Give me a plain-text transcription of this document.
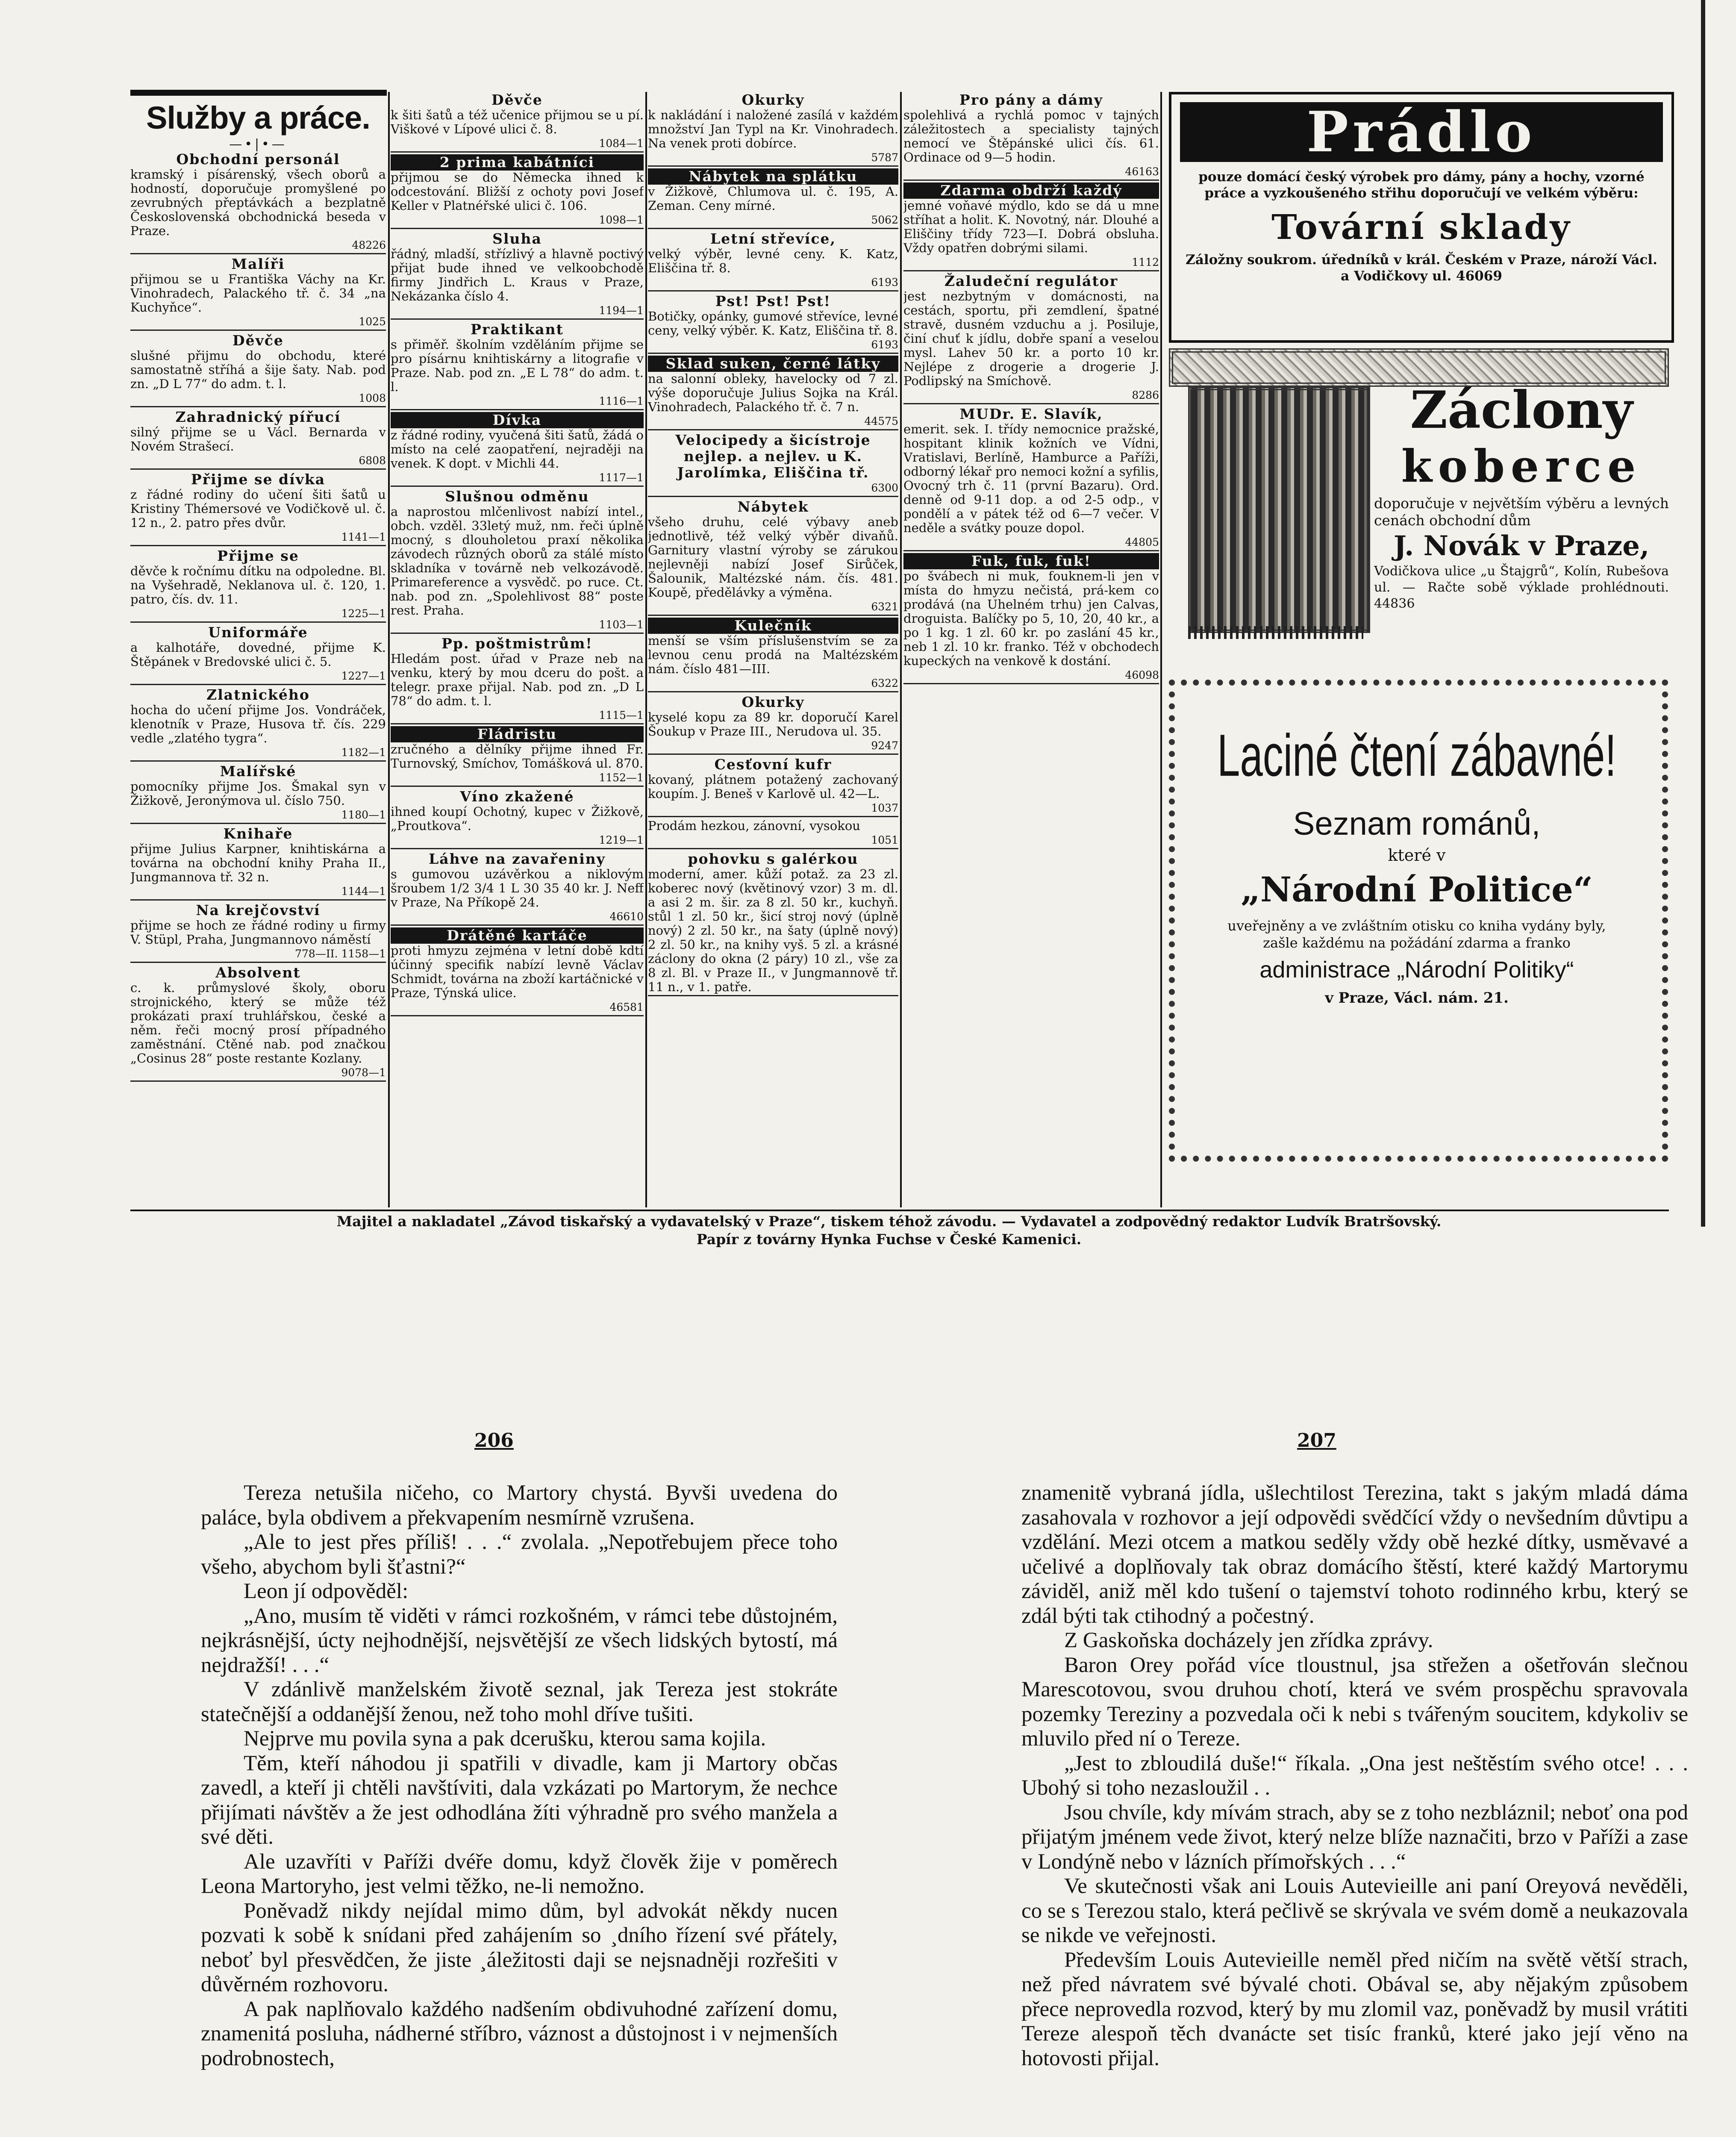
Služby a práce.
—•|•—
Obchodní personál
kramský i písárenský, všech oborů a hodností, doporučuje promyšlené po zevrubných přeptávkách a bezplatně Československá obchodnická beseda v Praze.
48226
Malíři
přijmou se u Františka Váchy na Kr. Vinohradech, Palackého tř. č. 34 „na Kuchyňce“.
1025
Děvče
slušné přijmu do obchodu, které samostatně stříhá a šije šaty. Nab. pod zn. „D L 77“ do adm. t. l.
1008
Zahradnický pířucí
silný přijme se u Václ. Bernarda v Novém Strašecí.
6808
Přijme se dívka
z řádné rodiny do učení šiti šatů u Kristiny Thémersové ve Vodičkově ul. č. 12 n., 2. patro přes dvůr.
1141—1
Přijme se
děvče k ročnímu dítku na odpoledne. Bl. na Vyšehradě, Neklanova ul. č. 120, 1. patro, čís. dv. 11.
1225—1
Uniformáře
a kalhotáře, dovedné, přijme K. Štěpánek v Bredovské ulici č. 5.
1227—1
Zlatnického
hocha do učení přijme Jos. Vondráček, klenotník v Praze, Husova tř. čís. 229 vedle „zlatého tygra“.
1182—1
Malířské
pomocníky přijme Jos. Šmakal syn v Žižkově, Jeronýmova ul. číslo 750.
1180—1
Knihaře
přijme Julius Karpner, knihtiskárna a továrna na obchodní knihy Praha II., Jungmannova tř. 32 n.
1144—1
Na krejčovství
přijme se hoch ze řádné rodiny u firmy V. Stüpl, Praha, Jungmannovo náměstí
778—II. 1158—1
Absolvent
c. k. průmyslové školy, oboru strojnického, který se může též prokázati praxí truhlářskou, české a něm. řeči mocný prosí případného zaměstnání. Ctěné nab. pod značkou „Cosinus 28“ poste restante Kozlany.
9078—1
Děvče
k šiti šatů a též učenice přijmou se u pí. Viškové v Lípové ulici č. 8.
1084—1
2 prima kabátníci
přijmou se do Německa ihned k odcestování. Bližší z ochoty povi Josef Keller v Platnéřské ulici č. 106.
1098—1
Sluha
řádný, mladší, střízlivý a hlavně poctivý přijat bude ihned ve velkoobchodě firmy Jindřich L. Kraus v Praze, Nekázanka číslo 4.
1194—1
Praktikant
s přiměř. školním vzděláním přijme se pro písárnu knihtiskárny a litografie v Praze. Nab. pod zn. „E L 78“ do adm. t. l.
1116—1
Dívka
z řádné rodiny, vyučená šiti šatů, žádá o místo na celé zaopatření, nejraději na venek. K dopt. v Michli 44.
1117—1
Slušnou odměnu
a naprostou mlčenlivost nabízí intel., obch. vzděl. 33letý muž, nm. řeči úplně mocný, s dlouholetou praxí několika závodech různých oborů za stálé místo skladníka v továrně neb velkozávodě. Primareference a vysvědč. po ruce. Ct. nab. pod zn. „Spolehlivost 88“ poste rest. Praha.
1103—1
Pp. poštmistrům!
Hledám post. úřad v Praze neb na venku, který by mou dceru do pošt. a telegr. praxe přijal. Nab. pod zn. „D L 78“ do adm. t. l.
1115—1
Fládristu
zručného a dělníky přijme ihned Fr. Turnovský, Smíchov, Tomášková ul. 870.
1152—1
Víno zkažené
ihned koupí Ochotný, kupec v Žižkově, „Proutkova“.
1219—1
Láhve na zavařeniny
s gumovou uzávěrkou a niklovým šroubem 1/2 3/4 1 L 30 35 40 kr. J. Neff v Praze, Na Příkopě 24.
46610
Drátěné kartáče
proti hmyzu zejména v letní době kdtí účinný specifik nabízí levně Václav Schmidt, továrna na zboží kartáčnické v Praze, Týnská ulice.
46581
Okurky
k nakládání i naložené zasílá v každém množství Jan Typl na Kr. Vinohradech. Na venek proti dobírce.
5787
Nábytek na splátku
v Žižkově, Chlumova ul. č. 195, A. Zeman. Ceny mírné.
5062
Letní střevíce,
velký výběr, levné ceny. K. Katz, Eliščina tř. 8.
6193
Pst! Pst! Pst!
Botičky, opánky, gumové střevíce, levné ceny, velký výběr. K. Katz, Eliščina tř. 8.
6193
Sklad suken, černé látky
na salonní obleky, havelocky od 7 zl. výše doporučuje Julius Sojka na Král. Vinohradech, Palackého tř. č. 7 n.
44575
Velocipedy a šicístroje nejlep. a nejlev. u K. Jarolímka, Eliščina tř.
6300
Nábytek
všeho druhu, celé výbavy aneb jednotlivě, též velký výběr divaňů. Garnitury vlastní výroby se zárukou nejlevněji nabízí Josef Sirůček, Šalounik, Maltézské nám. čís. 481. Koupě, předělávky a výměna.
6321
Kulečník
menší se vším příslušenstvím se za levnou cenu prodá na Maltézském nám. číslo 481—III.
6322
Okurky
kyselé kopu za 89 kr. doporučí Karel Šoukup v Praze III., Nerudova ul. 35.
9247
Cesťovní kufr
kovaný, plátnem potažený zachovaný koupím. J. Beneš v Karlově ul. 42—L.
1037
Prodám hezkou, zánovní, vysokou
1051
pohovku s galérkou
moderní, amer. kůží potaž. za 23 zl. koberec nový (květinový vzor) 3 m. dl. a asi 2 m. šir. za 8 zl. 50 kr., kuchyň. stůl 1 zl. 50 kr., šicí stroj nový (úplně nový) 2 zl. 50 kr., na šaty (úplně nový) 2 zl. 50 kr., na knihy vyš. 5 zl. a krásné záclony do okna (2 páry) 10 zl., vše za 8 zl. Bl. v Praze II., v Jungmannově tř. 11 n., v 1. patře.
Pro pány a dámy
spolehlivá a rychlá pomoc v tajných záležitostech a specialisty tajných nemocí ve Štěpánské ulici čís. 61. Ordinace od 9—5 hodin.
46163
Zdarma obdrží každý
jemné voňavé mýdlo, kdo se dá u mne stříhat a holit. K. Novotný, nár. Dlouhé a Eliščiny třídy 723—I. Dobrá obsluha. Vždy opatřen dobrými silami.
1112
Žaludeční regulátor
jest nezbytným v domácnosti, na cestách, sportu, při zemdlení, špatné stravě, dusném vzduchu a j. Posiluje, činí chuť k jídlu, dobře spaní a veselou mysl. Lahev 50 kr. a porto 10 kr. Nejlépe z drogerie a drogerie J. Podlipský na Smíchově.
8286
MUDr. E. Slavík,
emerit. sek. I. třídy nemocnice pražské, hospitant klinik kožních ve Vídni, Vratislavi, Berlíně, Hamburce a Paříži, odborný lékař pro nemoci kožní a syfilis, Ovocný trh č. 11 (první Bazaru). Ord. denně od 9-11 dop. a od 2-5 odp., v pondělí a v pátek též od 6—7 večer. V neděle a svátky pouze dopol.
44805
Fuk, fuk, fuk!
po švábech ni muk, fouknem-li jen v místa do hmyzu nečistá, prá-kem co prodává (na Uhelném trhu) jen Calvas, droguista. Balíčky po 5, 10, 20, 40 kr., a po 1 kg. 1 zl. 60 kr. po zaslání 45 kr., neb 1 zl. 10 kr. franko. Též v obchodech kupeckých na venkově k dostání.
46098
Prádlo
pouze domácí český výrobek pro dámy, pány a hochy, vzorné práce a vyzkoušeného střihu doporučují ve velkém výběru:
Tovární sklady
Záložny soukrom. úředníků v král. Českém v Praze, nároží Václ. a Vodičkovy ul. 46069
Záclony
koberce
doporučuje v největším výběru a levných cenách obchodní dům
J. Novák v Praze,
Vodičkova ulice „u Štajgrů“, Kolín, Rubešova ul. — Račte sobě výklade prohlédnouti. 44836
Laciné čtení zábavné!
Seznam románů,
které v
„Národní Politice“
uveřejněny a ve zvláštním otisku co kniha vydány byly, zašle každému na požádání zdarma a franko
administrace „Národní Politiky“
v Praze, Václ. nám. 21.
Majitel a nakladatel „Závod tiskařský a vydavatelský v Praze“, tiskem téhož závodu. — Vydavatel a zodpovědný redaktor Ludvík Bratršovský.
Papír z továrny Hynka Fuchse v České Kamenici.
206	207

Tereza netušila ničeho, co Martory chystá. Byvši uvedena do paláce, byla obdivem a překvapením nesmírně vzrušena.

„Ale to jest přes příliš! . . .“ zvolala. „Nepotřebujem přece toho všeho, abychom byli šťastni?“

Leon jí odpověděl:

„Ano, musím tě viděti v rámci rozkošném, v rámci tebe důstojném, nejkrásnější, úcty nejhodnější, nejsvětější ze všech lidských bytostí, má nejdražší! . . .“

V zdánlivě manželském životě seznal, jak Tereza jest stokráte statečnější a oddanější ženou, než toho mohl dříve tušiti.

Nejprve mu povila syna a pak dcerušku, kterou sama kojila.

Těm, kteří náhodou ji spatřili v divadle, kam ji Martory občas zavedl, a kteří ji chtěli navštíviti, dala vzkázati po Martorym, že nechce přijímati návštěv a že jest odhodlána žíti výhradně pro svého manžela a své děti.

Ale uzavříti v Paříži dvéře domu, když člověk žije v poměrech Leona Martoryho, jest velmi těžko, ne-li nemožno.

Poněvadž nikdy nejídal mimo dům, byl advokát někdy nucen pozvati k sobě k snídani před zahájením so ¸dního řízení své přátely, neboť byl přesvědčen, že jiste ¸áležitosti daji se nejsnadněji rozřešiti v důvěrném rozhovoru.

A pak naplňovalo každého nadšením obdivuhodné zařízení domu, znamenitá posluha, nádherné stříbro, váznost a důstojnost i v nejmenších podrobnostech,

znamenitě vybraná jídla, ušlechtilost Terezina, takt s jakým mladá dáma zasahovala v rozhovor a její odpovědi svědčící vždy o nevšedním důvtipu a vzdělání. Mezi otcem a matkou seděly vždy obě hezké dítky, usměvavé a učelivé a doplňovaly tak obraz domácího štěstí, které každý Martorymu záviděl, aniž měl kdo tušení o tajemství tohoto rodinného krbu, který se zdál býti tak ctihodný a počestný.

Z Gaskoňska docházely jen zřídka zprávy.

Baron Orey pořád více tloustnul, jsa střežen a ošetřován slečnou Marescotovou, svou druhou chotí, která ve svém prospěchu spravovala pozemky Tereziny a pozvedala oči k nebi s tvářeným soucitem, kdykoliv se mluvilo před ní o Tereze.

„Jest to zbloudilá duše!“ říkala. „Ona jest neštěstím svého otce! . . . Ubohý si toho nezasloužil . .

Jsou chvíle, kdy mívám strach, aby se z toho nezbláznil; neboť ona pod přijatým jménem vede život, který nelze blíže naznačiti, brzo v Paříži a zase v Londýně nebo v lázních přímořských . . .“

Ve skutečnosti však ani Louis Autevieille ani paní Oreyová nevěděli, co se s Terezou stalo, která pečlivě se skrývala ve svém domě a neukazovala se nikde ve veřejnosti.

Především Louis Autevieille neměl před ničím na světě větší strach, než před návratem své bývalé choti. Obával se, aby nějakým způsobem přece neprovedla rozvod, který by mu zlomil vaz, poněvadž by musil vrátiti Tereze alespoň těch dvanácte set tisíc franků, které jako její věno na hotovosti přijal.
